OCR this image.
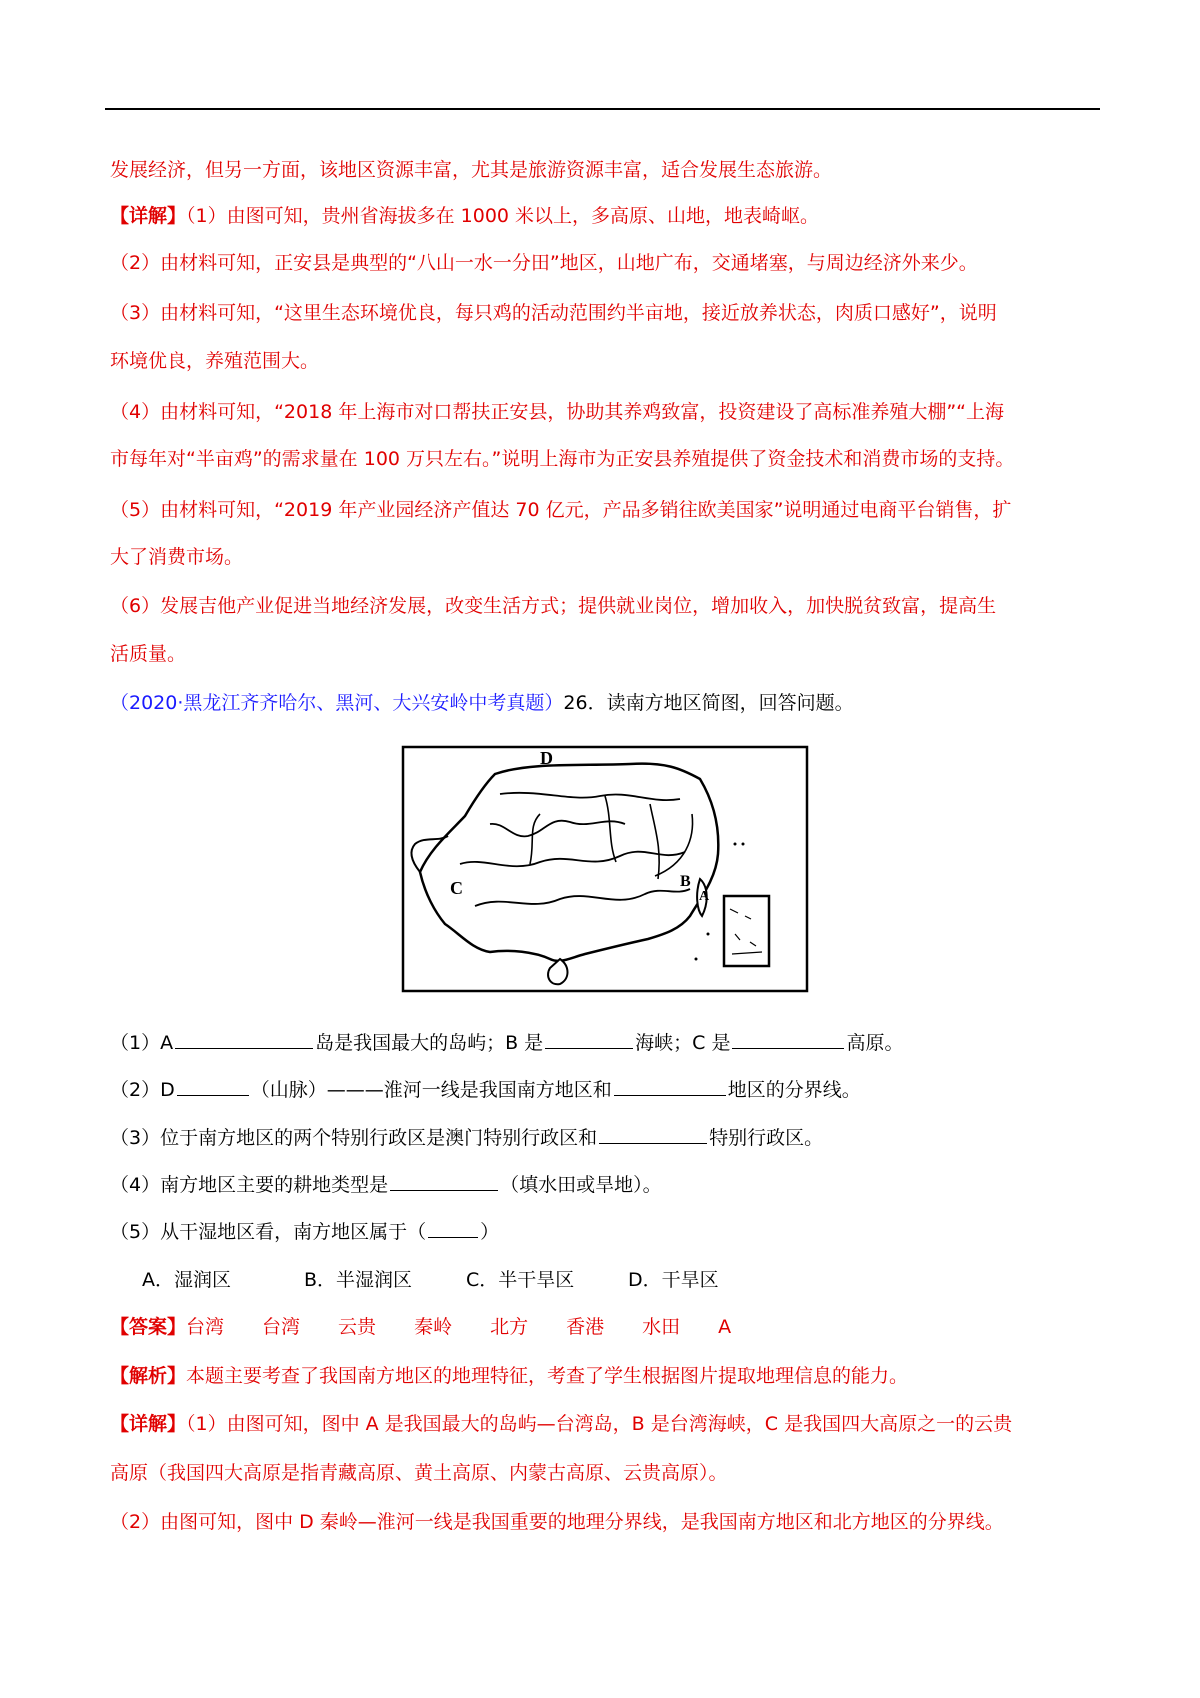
发展经济，但另一方面，该地区资源丰富，尤其是旅游资源丰富，适合发展生态旅游。
【详解】（1）由图可知，贵州省海拔多在 1000 米以上，多高原、山地，地表崎岖。
（2）由材料可知，正安县是典型的“八山一水一分田”地区，山地广布，交通堵塞，与周边经济外来少。
（3）由材料可知，“这里生态环境优良，每只鸡的活动范围约半亩地，接近放养状态，肉质口感好”，说明
环境优良，养殖范围大。
（4）由材料可知，“2018 年上海市对口帮扶正安县，协助其养鸡致富，投资建设了高标准养殖大棚”“上海
市每年对“半亩鸡”的需求量在 100 万只左右。”说明上海市为正安县养殖提供了资金技术和消费市场的支持。
（5）由材料可知，“2019 年产业园经济产值达 70 亿元，产品多销往欧美国家”说明通过电商平台销售，扩
大了消费市场。
（6）发展吉他产业促进当地经济发展，改变生活方式；提供就业岗位，增加收入，加快脱贫致富，提高生
活质量。
（2020·黑龙江齐齐哈尔、黑河、大兴安岭中考真题）26．读南方地区简图，回答问题。
D
C	B
A
（1）A	岛是我国最大的岛屿；B 是	海峡；C 是	高原。
（2）D	（山脉）———淮河一线是我国南方地区和	地区的分界线。
（3）位于南方地区的两个特别行政区是澳门特别行政区和	特别行政区。
（4）南方地区主要的耕地类型是	（填水田或旱地）。
（5）从干湿地区看，南方地区属于（	）
A．湿润区	B．半湿润区	C．半干旱区	D．干旱区
【答案】台湾 台湾 云贵 秦岭 北方 香港 水田 A
【解析】本题主要考查了我国南方地区的地理特征，考查了学生根据图片提取地理信息的能力。
【详解】（1）由图可知，图中 A 是我国最大的岛屿—台湾岛，B 是台湾海峡，C 是我国四大高原之一的云贵
高原（我国四大高原是指青藏高原、黄土高原、内蒙古高原、云贵高原）。
（2）由图可知，图中 D 秦岭—淮河一线是我国重要的地理分界线，是我国南方地区和北方地区的分界线。
